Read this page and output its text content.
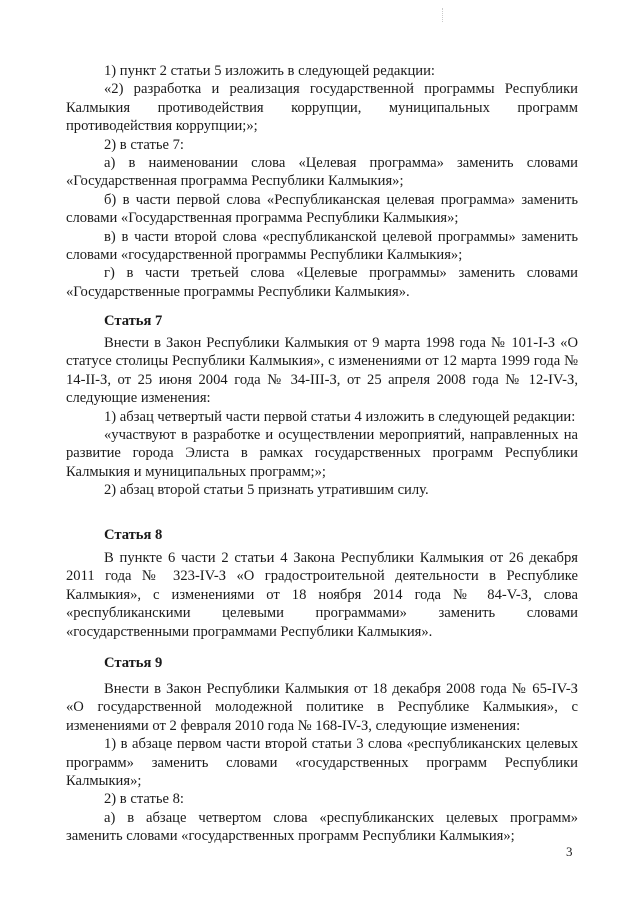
1) пункт 2 статьи 5 изложить в следующей редакции:

«2) разработка и реализация государственной программы Республики Калмыкия противодействия коррупции, муниципальных программ противодействия коррупции;»;

2) в статье 7:

а) в наименовании слова «Целевая программа» заменить словами «Государственная программа Республики Калмыкия»;

б) в части первой слова «Республиканская целевая программа» заменить словами «Государственная программа Республики Калмыкия»;

в) в части второй слова «республиканской целевой программы» заменить словами «государственной программы Республики Калмыкия»;

г) в части третьей слова «Целевые программы» заменить словами «Государственные программы Республики Калмыкия».

Статья 7

Внести в Закон Республики Калмыкия от 9 марта 1998 года № 101-I-З «О статусе столицы Республики Калмыкия», с изменениями от 12 марта 1999 года № 14-II-З, от 25 июня 2004 года № 34-III-З, от 25 апреля 2008 года № 12-IV-З, следующие изменения:

1) абзац четвертый части первой статьи 4 изложить в следующей редакции:

«участвуют в разработке и осуществлении мероприятий, направленных на развитие города Элиста в рамках государственных программ Республики Калмыкия и муниципальных программ;»;

2) абзац второй статьи 5 признать утратившим силу.

Статья 8

В пункте 6 части 2 статьи 4 Закона Республики Калмыкия от 26 декабря 2011 года № 323-IV-З «О градостроительной деятельности в Республике Калмыкия», с изменениями от 18 ноября 2014 года № 84-V-З, слова «республиканскими целевыми программами» заменить словами «государственными программами Республики Калмыкия».

Статья 9

Внести в Закон Республики Калмыкия от 18 декабря 2008 года № 65-IV-З «О государственной молодежной политике в Республике Калмыкия», с изменениями от 2 февраля 2010 года № 168-IV-З, следующие изменения:

1) в абзаце первом части второй статьи 3 слова «республиканских целевых программ» заменить словами «государственных программ Республики Калмыкия»;

2) в статье 8:

а) в абзаце четвертом слова «республиканских целевых программ» заменить словами «государственных программ Республики Калмыкия»;

3
